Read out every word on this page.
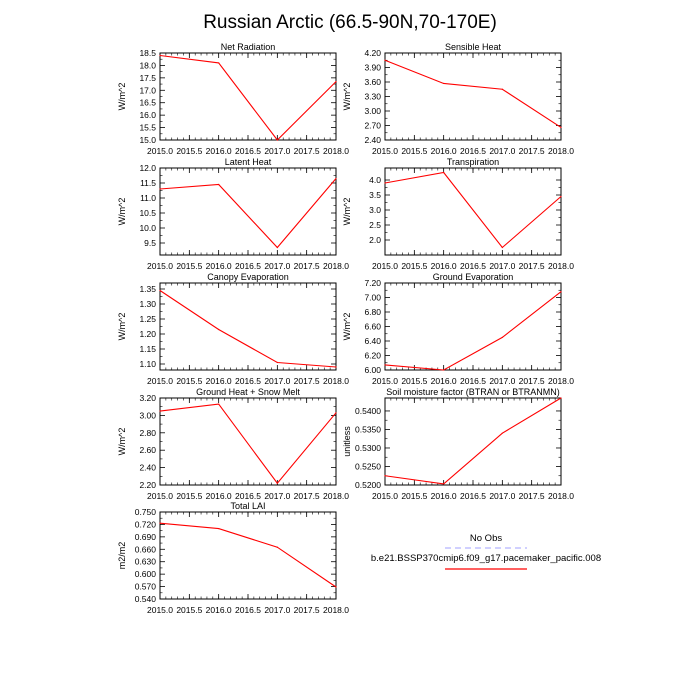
Russian Arctic (66.5-90N,70-170E)
Net Radiation
W/m^2
2015.0 2015.5 2016.0 2016.5 2017.0 2017.5 2018.0
15.0
15.5
16.0
16.5
17.0
17.5
18.0
18.5
Sensible Heat
W/m^2
2015.0 2015.5 2016.0 2016.5 2017.0 2017.5 2018.0
2.40
2.70
3.00
3.30
3.60
3.90
4.20
Latent Heat
W/m^2
2015.0 2015.5 2016.0 2016.5 2017.0 2017.5 2018.0
9.5
10.0
10.5
11.0
11.5
12.0
Transpiration
W/m^2
2015.0 2015.5 2016.0 2016.5 2017.0 2017.5 2018.0
2.0
2.5
3.0
3.5
4.0
Canopy Evaporation
W/m^2
2015.0 2015.5 2016.0 2016.5 2017.0 2017.5 2018.0
1.10
1.15
1.20
1.25
1.30
1.35
Ground Evaporation
W/m^2
2015.0 2015.5 2016.0 2016.5 2017.0 2017.5 2018.0
6.00
6.20
6.40
6.60
6.80
7.00
7.20
Ground Heat + Snow Melt
W/m^2
2015.0 2015.5 2016.0 2016.5 2017.0 2017.5 2018.0
2.20
2.40
2.60
2.80
3.00
3.20
Soil moisture factor (BTRAN or BTRANMN)
unitless
2015.0 2015.5 2016.0 2016.5 2017.0 2017.5 2018.0
0.5200
0.5250
0.5300
0.5350
0.5400
Total LAI
m2/m2
2015.0 2015.5 2016.0 2016.5 2017.0 2017.5 2018.0
0.540
0.570
0.600
0.630
0.660
0.690
0.720
0.750
No Obs
b.e21.BSSP370cmip6.f09_g17.pacemaker_pacific.008
